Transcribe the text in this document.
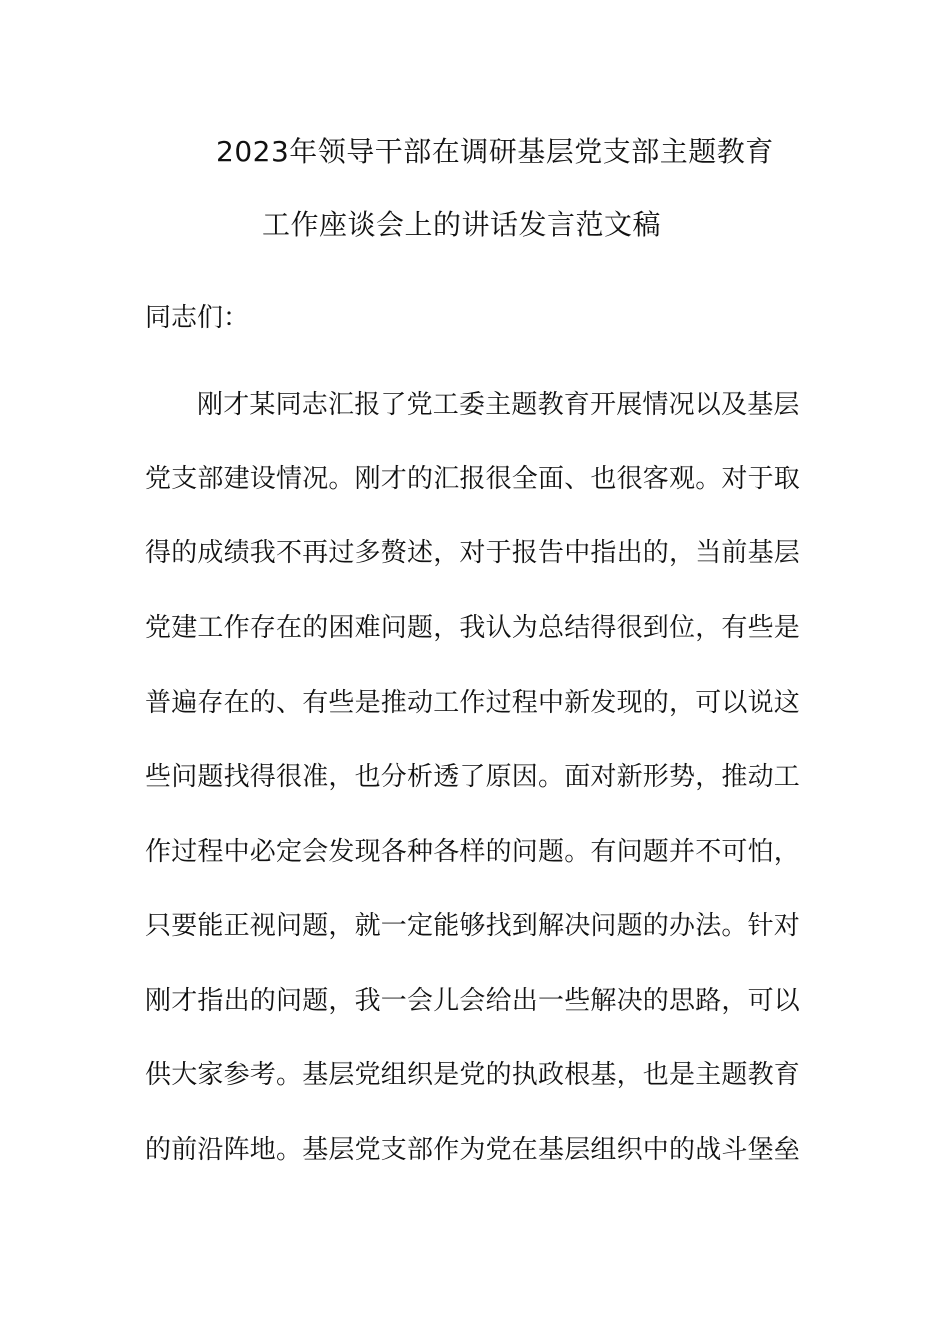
2023年领导干部在调研基层党支部主题教育
工作座谈会上的讲话发言范文稿
同志们：
刚才某同志汇报了党工委主题教育开展情况以及基层
党支部建设情况。刚才的汇报很全面、也很客观。对于取
得的成绩我不再过多赘述，对于报告中指出的，当前基层
党建工作存在的困难问题，我认为总结得很到位，有些是
普遍存在的、有些是推动工作过程中新发现的，可以说这
些问题找得很准，也分析透了原因。面对新形势，推动工
作过程中必定会发现各种各样的问题。有问题并不可怕，
只要能正视问题，就一定能够找到解决问题的办法。针对
刚才指出的问题，我一会儿会给出一些解决的思路，可以
供大家参考。基层党组织是党的执政根基，也是主题教育
的前沿阵地。基层党支部作为党在基层组织中的战斗堡垒
